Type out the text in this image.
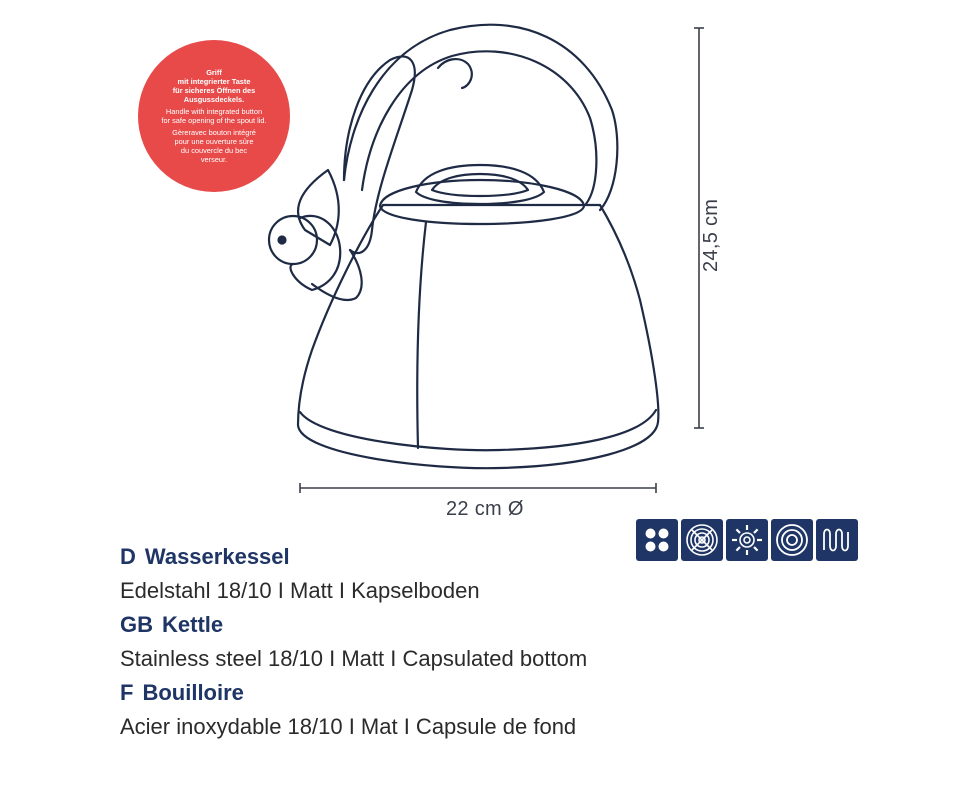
Griff
mit integrierter Taste
für sicheres Öffnen des
Ausgussdeckels.
Handle with integrated button
for safe opening of the spout lid.
Gèreravec bouton intégré
pour une ouverture sûre
du couvercle du bec
verseur.
22 cm Ø
24,5 cm
D Wasserkessel
Edelstahl 18/10 I Matt I Kapselboden
GB Kettle
Stainless steel 18/10 I Matt I Capsulated bottom
F Bouilloire
Acier inoxydable 18/10 I Mat I Capsule de fond
